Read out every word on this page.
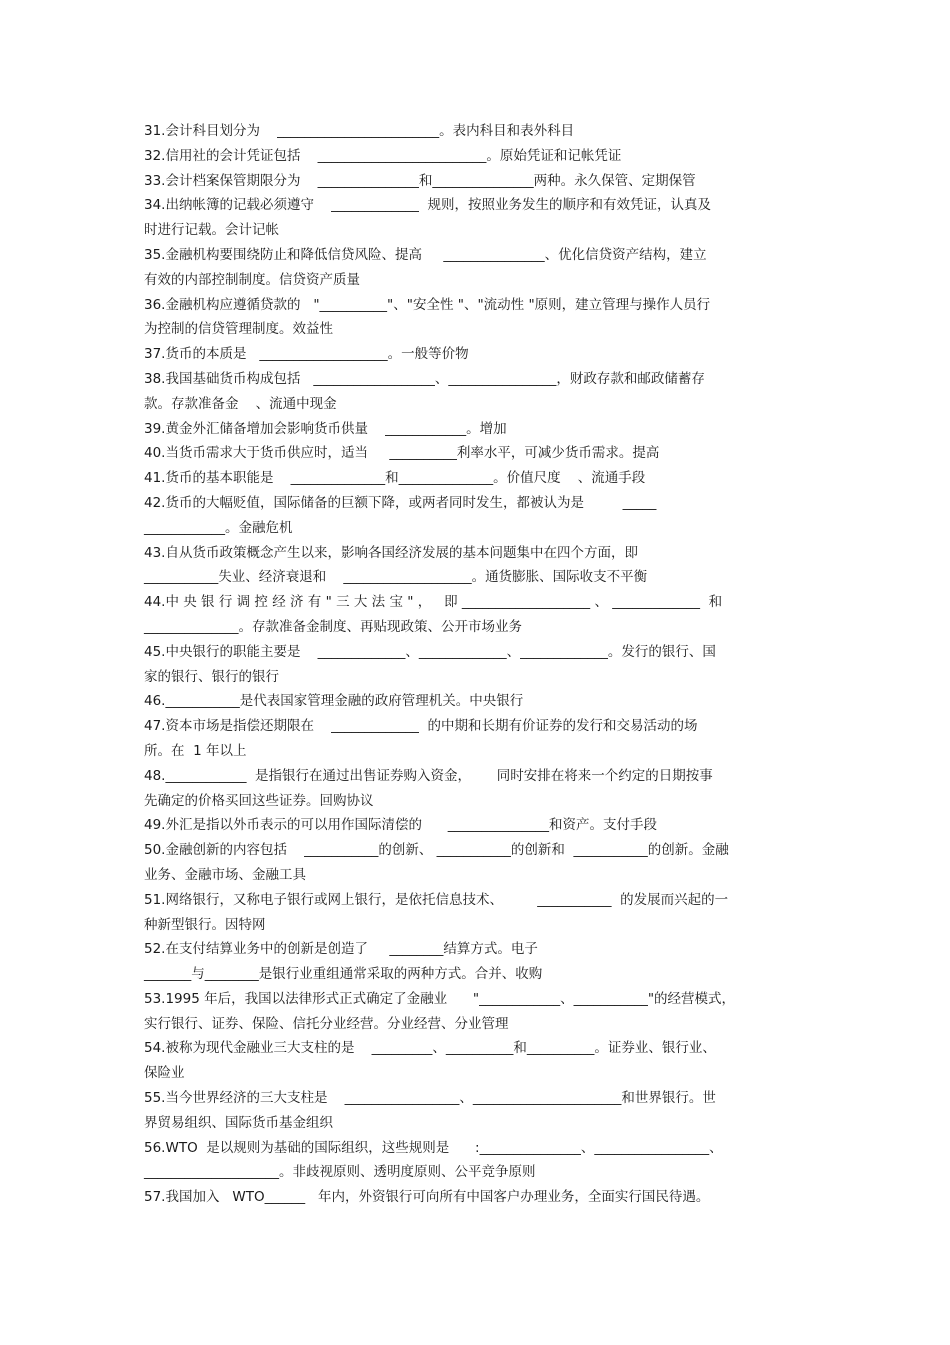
31.会计科目划分为    ________________________。表内科目和表外科目
32.信用社的会计凭证包括    _________________________。原始凭证和记帐凭证
33.会计档案保管期限分为    _______________和_______________两种。永久保管、定期保管
34.出纳帐簿的记载必须遵守    _____________  规则，按照业务发生的顺序和有效凭证，认真及
时进行记载。会计记帐
35.金融机构要围绕防止和降低信贷风险、提高     _______________、优化信贷资产结构，建立
有效的内部控制制度。信贷资产质量
36.金融机构应遵循贷款的   "__________"、"安全性 "、"流动性 "原则，建立管理与操作人员行
为控制的信贷管理制度。效益性
37.货币的本质是   ___________________。一般等价物
38.我国基础货币构成包括   __________________、________________，财政存款和邮政储蓄存
款。存款准备金    、流通中现金
39.黄金外汇储备增加会影响货币供量    ____________。增加
40.当货币需求大于货币供应时，适当     __________利率水平，可减少货币需求。提高
41.货币的基本职能是    ______________和______________。价值尺度    、流通手段
42.货币的大幅贬值，国际储备的巨额下降，或两者同时发生，都被认为是         _____
____________。金融危机
43.自从货币政策概念产生以来，影响各国经济发展的基本问题集中在四个方面，即
___________失业、经济衰退和    ___________________。通货膨胀、国际收支不平衡
44.中 央 银 行 调 控 经 济 有 " 三 大 法 宝 " ，   即 ___________________ 、 _____________  和
______________。存款准备金制度、再贴现政策、公开市场业务
45.中央银行的职能主要是    _____________、_____________、_____________。发行的银行、国
家的银行、银行的银行
46.___________是代表国家管理金融的政府管理机关。中央银行
47.资本市场是指偿还期限在    _____________  的中期和长期有价证券的发行和交易活动的场
所。在  1 年以上
48.____________  是指银行在通过出售证券购入资金，      同时安排在将来一个约定的日期按事
先确定的价格买回这些证券。回购协议
49.外汇是指以外币表示的可以用作国际清偿的      _______________和资产。支付手段
50.金融创新的内容包括    ___________的创新、 ___________的创新和  ___________的创新。金融
业务、金融市场、金融工具
51.网络银行，又称电子银行或网上银行，是依托信息技术、        ___________  的发展而兴起的一
种新型银行。因特网
52.在支付结算业务中的创新是创造了     ________结算方式。电子
_______与________是银行业重组通常采取的两种方式。合并、收购
53.1995 年后，我国以法律形式正式确定了金融业      "____________、___________"的经营模式，
实行银行、证券、保险、信托分业经营。分业经营、分业管理
54.被称为现代金融业三大支柱的是    _________、__________和__________。证券业、银行业、
保险业
55.当今世界经济的三大支柱是    _________________、______________________和世界银行。世
界贸易组织、国际货币基金组织
56.WTO  是以规则为基础的国际组织，这些规则是      :_______________、_________________、
____________________。非歧视原则、透明度原则、公平竞争原则
57.我国加入   WTO______   年内，外资银行可向所有中国客户办理业务，全面实行国民待遇。
